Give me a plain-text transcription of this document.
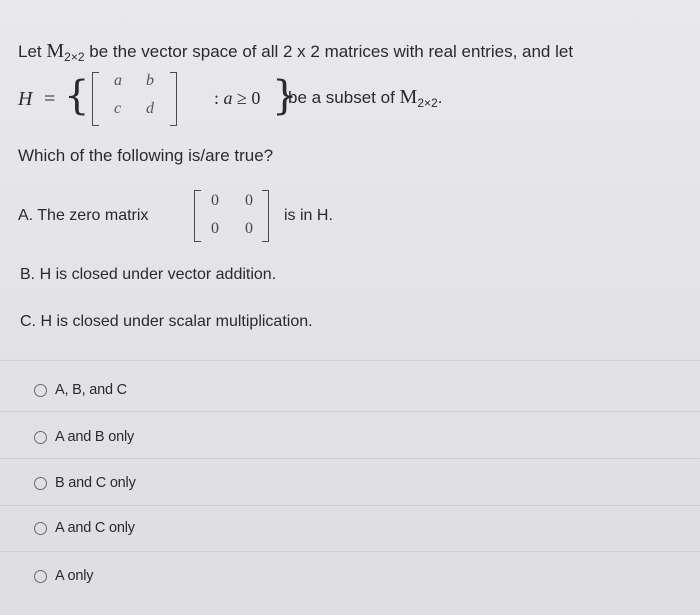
Let $M_{2\times 2}$ be the vector space of all 2 x 2 matrices with real entries, and let
H = { a b
c d
: a ≥ 0 }
be a subset of $M_{2\times 2}$.
Which of the following is/are true?
A. The zero matrix
0 0
0 0
is in H.
B. H is closed under vector addition.
C. H is closed under scalar multiplication.
A, B, and C
A and B only
B and C only
A and C only
A only
